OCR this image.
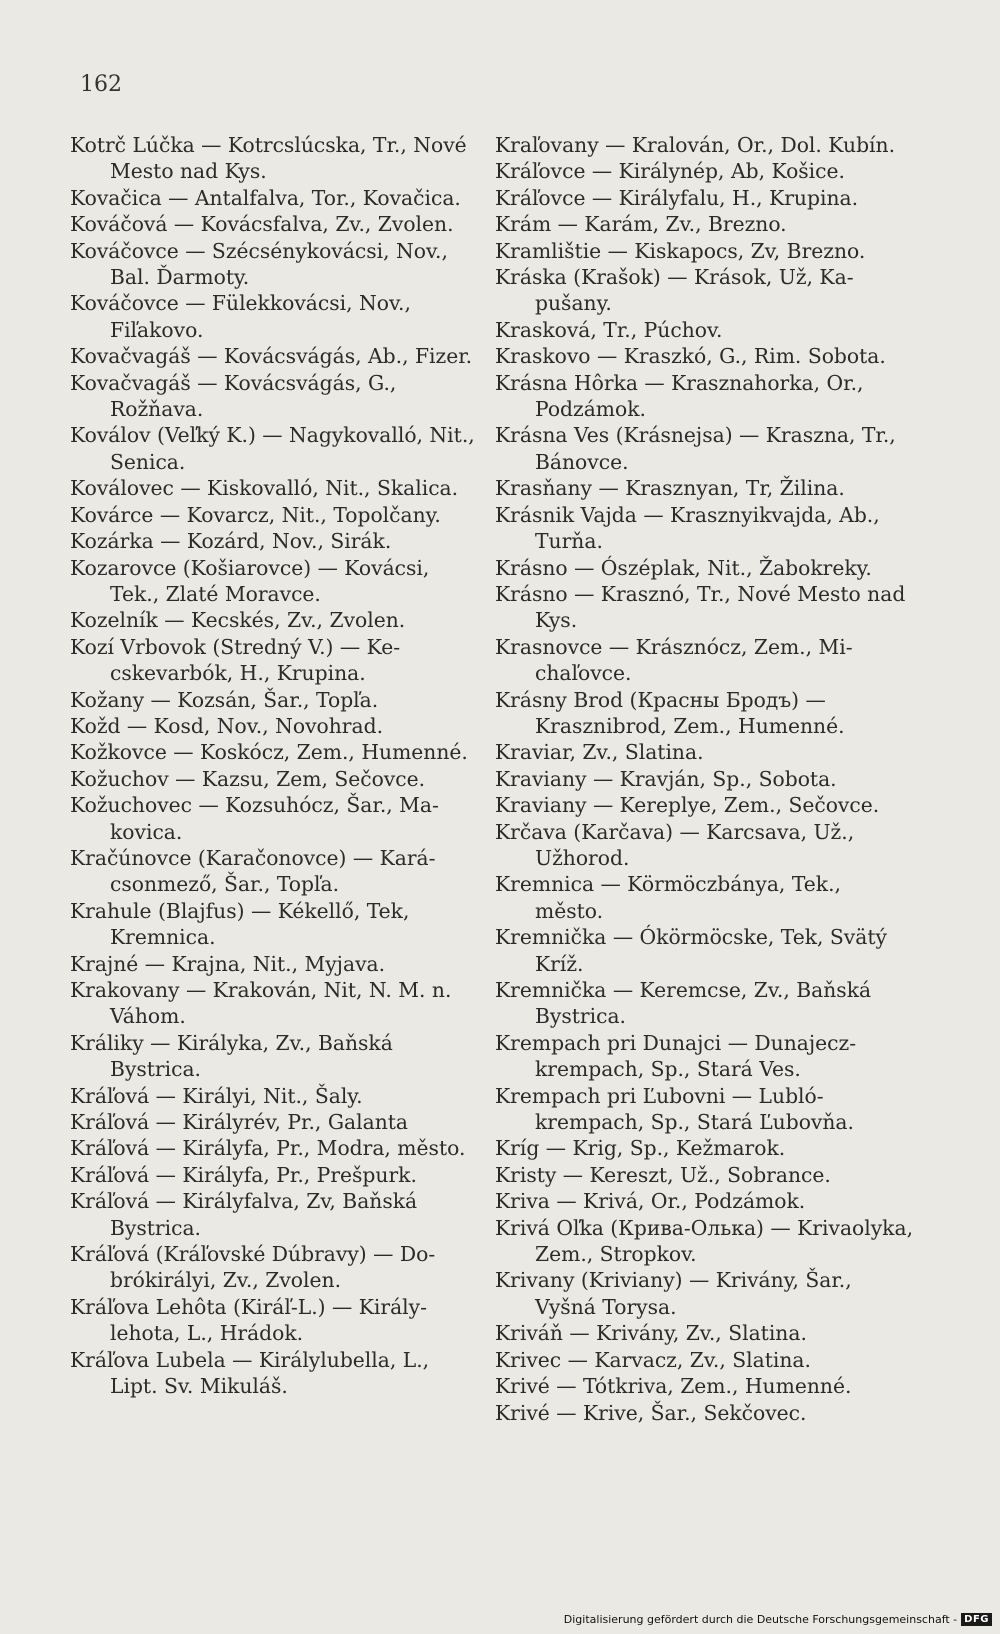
162

Kotrč Lúčka — Kotrcslúcska, Tr., Nové Mesto nad Kys.

Kovačica — Antalfalva, Tor., Kovačica.

Kováčová — Kovácsfalva, Zv., Zvolen.

Kováčovce — Szécsénykovácsi, Nov., Bal. Ďarmoty.

Kováčovce — Fülekkovácsi, Nov., Fiľakovo.

Kovačvagáš — Kovácsvágás, Ab., Fizer.

Kovačvagáš — Kovácsvágás, G., Rožňava.

Koválov (Veľký K.) — Nagykovalló, Nit., Senica.

Koválovec — Kiskovalló, Nit., Skalica.

Kovárce — Kovarcz, Nit., Topolčany.

Kozárka — Kozárd, Nov., Sirák.

Kozarovce (Košiarovce) — Kovácsi, Tek., Zlaté Moravce.

Kozelník — Kecskés, Zv., Zvolen.

Kozí Vrbovok (Stredný V.) — Kecskevarbók, H., Krupina.

Kožany — Kozsán, Šar., Topľa.

Kožd — Kosd, Nov., Novohrad.

Kožkovce — Koskócz, Zem., Humenné.

Kožuchov — Kazsu, Zem, Sečovce.

Kožuchovec — Kozsuhócz, Šar., Makovica.

Kračúnovce (Karačonovce) — Karácsonmező, Šar., Topľa.

Krahule (Blajfus) — Kékellő, Tek, Kremnica.

Krajné — Krajna, Nit., Myjava.

Krakovany — Krakován, Nit, N. M. n. Váhom.

Králiky — Királyka, Zv., Baňská Bystrica.

Kráľová — Királyi, Nit., Šaly.

Kráľová — Királyrév, Pr., Galanta

Kráľová — Királyfa, Pr., Modra, město.

Kráľová — Királyfa, Pr., Prešpurk.

Kráľová — Királyfalva, Zv, Baňská Bystrica.

Kráľová (Kráľovské Dúbravy) — Dobrókirályi, Zv., Zvolen.

Kráľova Lehôta (Kiráľ-L.) — Királylehota, L., Hrádok.

Kráľova Lubela — Királylubella, L., Lipt. Sv. Mikuláš.

Kraľovany — Kralován, Or., Dol. Kubín.

Kráľovce — Királynép, Ab, Košice.

Kráľovce — Királyfalu, H., Krupina.

Krám — Karám, Zv., Brezno.

Kramlištie — Kiskapocs, Zv, Brezno.

Kráska (Krašok) — Krások, Už, Kapušany.

Krasková, Tr., Púchov.

Kraskovo — Kraszkó, G., Rim. Sobota.

Krásna Hôrka — Krasznahorka, Or., Podzámok.

Krásna Ves (Krásnejsa) — Kraszna, Tr., Bánovce.

Krasňany — Krasznyan, Tr, Žilina.

Krásnik Vajda — Krasznyikvajda, Ab., Turňa.

Krásno — Ószéplak, Nit., Žabokreky.

Krásno — Krasznó, Tr., Nové Mesto nad Kys.

Krasnovce — Krásznócz, Zem., Michaľovce.

Krásny Brod (Красны Бродъ) — Krasznibrod, Zem., Humenné.

Kraviar, Zv., Slatina.

Kraviany — Kravján, Sp., Sobota.

Kraviany — Kereplye, Zem., Sečovce.

Krčava (Karčava) — Karcsava, Už., Užhorod.

Kremnica — Körmöczbánya, Tek., město.

Kremnička — Ókörmöcske, Tek, Svätý Kríž.

Kremnička — Keremcse, Zv., Baňská Bystrica.

Krempach pri Dunajci — Dunajeczkrempach, Sp., Stará Ves.

Krempach pri Ľubovni — Lublókrempach, Sp., Stará Ľubovňa.

Kríg — Krig, Sp., Kežmarok.

Kristy — Kereszt, Už., Sobrance.

Kriva — Krivá, Or., Podzámok.

Krivá Oľka (Крива-Олька) — Krivaolyka, Zem., Stropkov.

Krivany (Kriviany) — Krivány, Šar., Vyšná Torysa.

Kriváň — Krivány, Zv., Slatina.

Krivec — Karvacz, Zv., Slatina.

Krivé — Tótkriva, Zem., Humenné.

Krivé — Krive, Šar., Sekčovec.

Digitalisierung gefördert durch die Deutsche Forschungsgemeinschaft - DFG
